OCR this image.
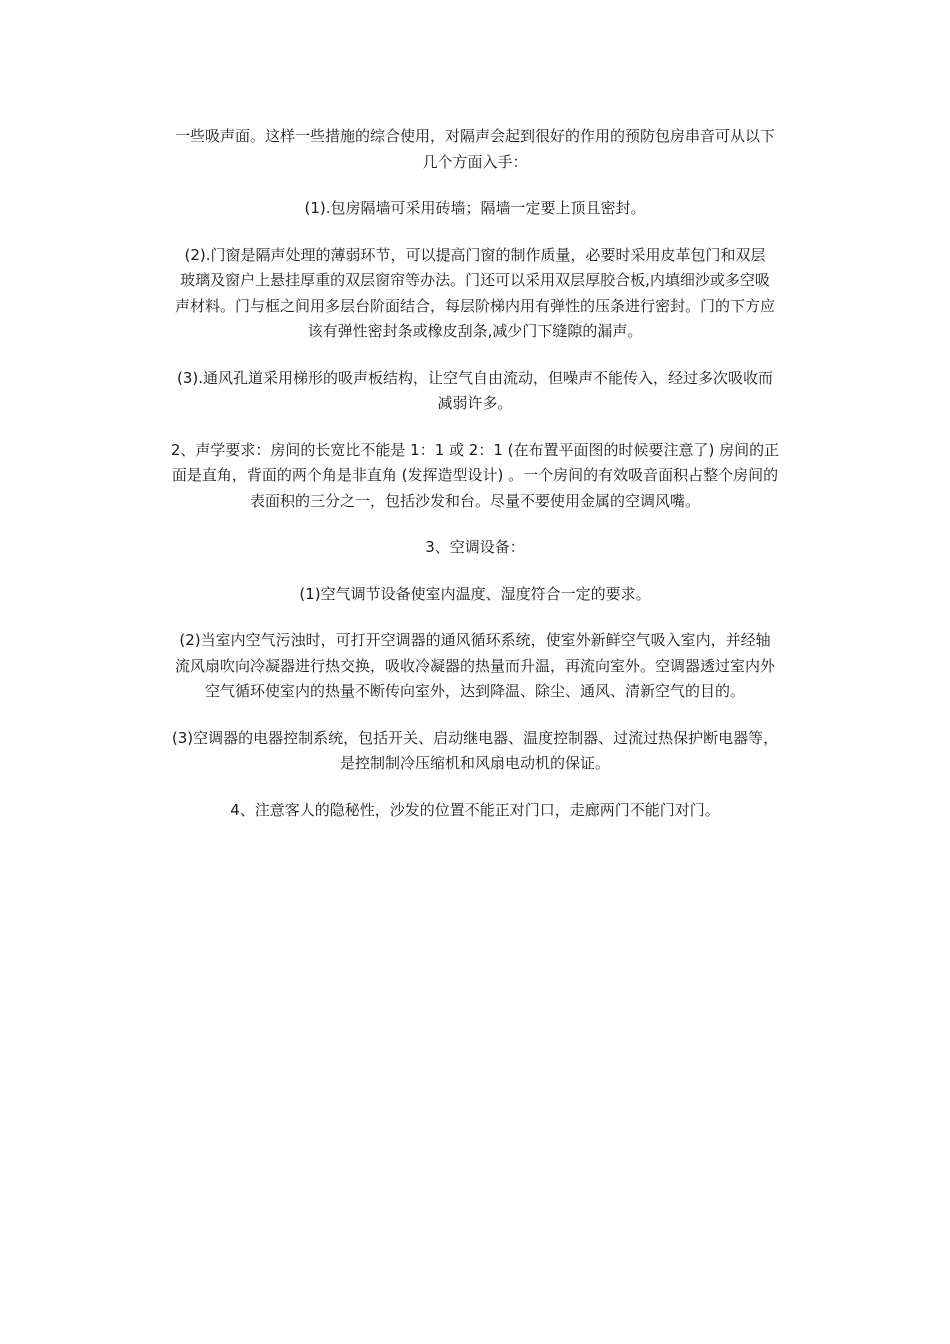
一些吸声面。这样一些措施的综合使用，对隔声会起到很好的作用的预防包房串音可从以下
几个方面入手：

(1).包房隔墙可采用砖墙；隔墙一定要上顶且密封。

(2).门窗是隔声处理的薄弱环节，可以提高门窗的制作质量，必要时采用皮革包门和双层
玻璃及窗户上悬挂厚重的双层窗帘等办法。门还可以采用双层厚胶合板,内填细沙或多空吸
声材料。门与框之间用多层台阶面结合，每层阶梯内用有弹性的压条进行密封。门的下方应
该有弹性密封条或橡皮刮条,减少门下缝隙的漏声。

(3).通风孔道采用梯形的吸声板结构，让空气自由流动，但噪声不能传入，经过多次吸收而
减弱许多。

2、声学要求：房间的长宽比不能是 1：1 或 2：1 (在布置平面图的时候要注意了) 房间的正
面是直角，背面的两个角是非直角 (发挥造型设计) 。一个房间的有效吸音面积占整个房间的
表面积的三分之一，包括沙发和台。尽量不要使用金属的空调风嘴。

3、空调设备：

(1)空气调节设备使室内温度、湿度符合一定的要求。

(2)当室内空气污浊时，可打开空调器的通风循环系统，使室外新鲜空气吸入室内，并经轴
流风扇吹向冷凝器进行热交换，吸收冷凝器的热量而升温，再流向室外。空调器透过室内外
空气循环使室内的热量不断传向室外，达到降温、除尘、通风、清新空气的目的。

(3)空调器的电器控制系统，包括开关、启动继电器、温度控制器、过流过热保护断电器等，
是控制制冷压缩机和风扇电动机的保证。

4、注意客人的隐秘性，沙发的位置不能正对门口，走廊两门不能门对门。
